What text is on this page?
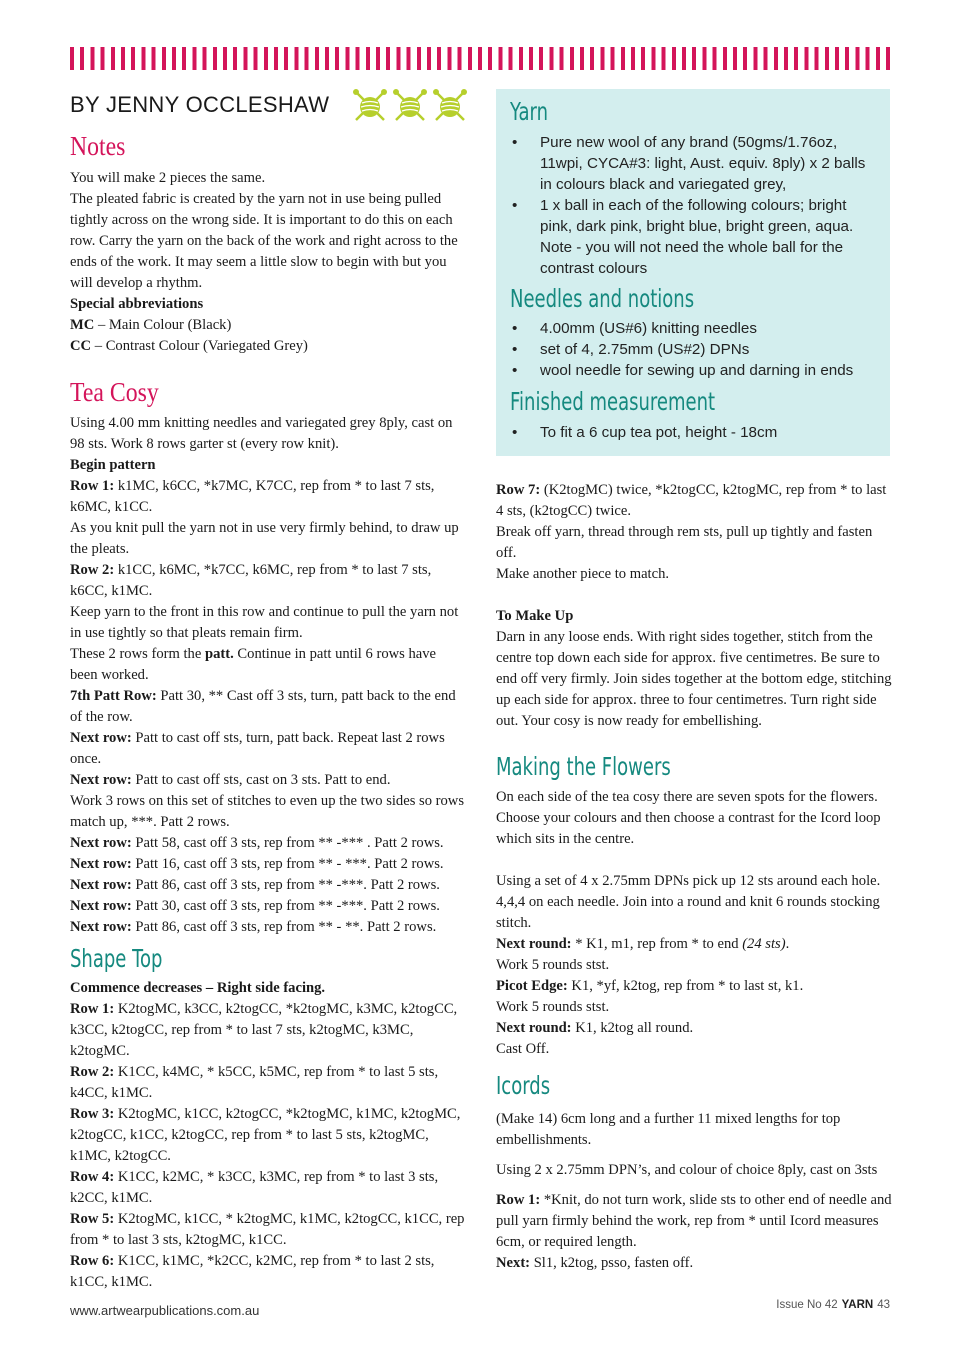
BY JENNY OCCLESHAW
Notes

You will make 2 pieces the same.

The pleated fabric is created by the yarn not in use being pulled tightly across on the wrong side. It is important to do this on each row. Carry the yarn on the back of the work and right across to the ends of the work. It may seem a little slow to begin with but you will develop a rhythm.

Special abbreviations

MC – Main Colour (Black)

CC – Contrast Colour (Variegated Grey)

Tea Cosy

Using 4.00 mm knitting needles and variegated grey 8ply, cast on 98 sts. Work 8 rows garter st (every row knit).

Begin pattern

Row 1: k1MC, k6CC, *k7MC, K7CC, rep from * to last 7 sts, k6MC, k1CC.

As you knit pull the yarn not in use very firmly behind, to draw up the pleats.

Row 2: k1CC, k6MC, *k7CC, k6MC, rep from * to last 7 sts, k6CC, k1MC.

Keep yarn to the front in this row and continue to pull the yarn not in use tightly so that pleats remain firm.

These 2 rows form the patt. Continue in patt until 6 rows have been worked.

7th Patt Row: Patt 30, ** Cast off 3 sts, turn, patt back to the end of the row.

Next row: Patt to cast off sts, turn, patt back. Repeat last 2 rows once.

Next row: Patt to cast off sts, cast on 3 sts. Patt to end.

Work 3 rows on this set of stitches to even up the two sides so rows match up, ***. Patt 2 rows.

Next row: Patt 58, cast off 3 sts, rep from ** -*** . Patt 2 rows.

Next row: Patt 16, cast off 3 sts, rep from ** - ***. Patt 2 rows.

Next row: Patt 86, cast off 3 sts, rep from ** -***. Patt 2 rows.

Next row: Patt 30, cast off 3 sts, rep from ** -***. Patt 2 rows.

Next row: Patt 86, cast off 3 sts, rep from ** - **. Patt 2 rows.

Shape Top

Commence decreases – Right side facing.

Row 1: K2togMC, k3CC, k2togCC, *k2togMC, k3MC, k2togCC, k3CC, k2togCC, rep from * to last 7 sts, k2togMC, k3MC, k2togMC.

Row 2: K1CC, k4MC, * k5CC, k5MC, rep from * to last 5 sts, k4CC, k1MC.

Row 3: K2togMC, k1CC, k2togCC, *k2togMC, k1MC, k2togMC, k2togCC, k1CC, k2togCC, rep from * to last 5 sts, k2togMC, k1MC, k2togCC.

Row 4: K1CC, k2MC, * k3CC, k3MC, rep from * to last 3 sts, k2CC, k1MC.

Row 5: K2togMC, k1CC, * k2togMC, k1MC, k2togCC, k1CC, rep from * to last 3 sts, k2togMC, k1CC.

Row 6: K1CC, k1MC, *k2CC, k2MC, rep from * to last 2 sts, k1CC, k1MC.

Yarn
• Pure new wool of any brand (50gms/1.76oz, 11wpi, CYCA#3: light, Aust. equiv. 8ply) x 2 balls in colours black and variegated grey,
• 1 x ball in each of the following colours; bright pink, dark pink, bright blue, bright green, aqua. Note - you will not need the whole ball for the contrast colours
Needles and notions
• 4.00mm (US#6) knitting needles
• set of 4, 2.75mm (US#2) DPNs
• wool needle for sewing up and darning in ends
Finished measurement
• To fit a 6 cup tea pot, height - 18cm

Row 7: (K2togMC) twice, *k2togCC, k2togMC, rep from * to last 4 sts, (k2togCC) twice.

Break off yarn, thread through rem sts, pull up tightly and fasten off.

Make another piece to match.

To Make Up

Darn in any loose ends. With right sides together, stitch from the centre top down each side for approx. five centimetres. Be sure to end off very firmly. Join sides together at the bottom edge, stitching up each side for approx. three to four centimetres. Turn right side out. Your cosy is now ready for embellishing.

Making the Flowers

On each side of the tea cosy there are seven spots for the flowers. Choose your colours and then choose a contrast for the Icord loop which sits in the centre.

Using a set of 4 x 2.75mm DPNs pick up 12 sts around each hole. 4,4,4 on each needle. Join into a round and knit 6 rounds stocking stitch.

Next round: * K1, m1, rep from * to end (24 sts).

Work 5 rounds stst.

Picot Edge: K1, *yf, k2tog, rep from * to last st, k1.

Work 5 rounds stst.

Next round: K1, k2tog all round.

Cast Off.

Icords

(Make 14) 6cm long and a further 11 mixed lengths for top embellishments.

Using 2 x 2.75mm DPN’s, and colour of choice 8ply, cast on 3sts

Row 1: *Knit, do not turn work, slide sts to other end of needle and pull yarn firmly behind the work, rep from * until Icord measures 6cm, or required length.

Next: Sl1, k2tog, psso, fasten off.

www.artwearpublications.com.au	Issue No 42 YARN 43
